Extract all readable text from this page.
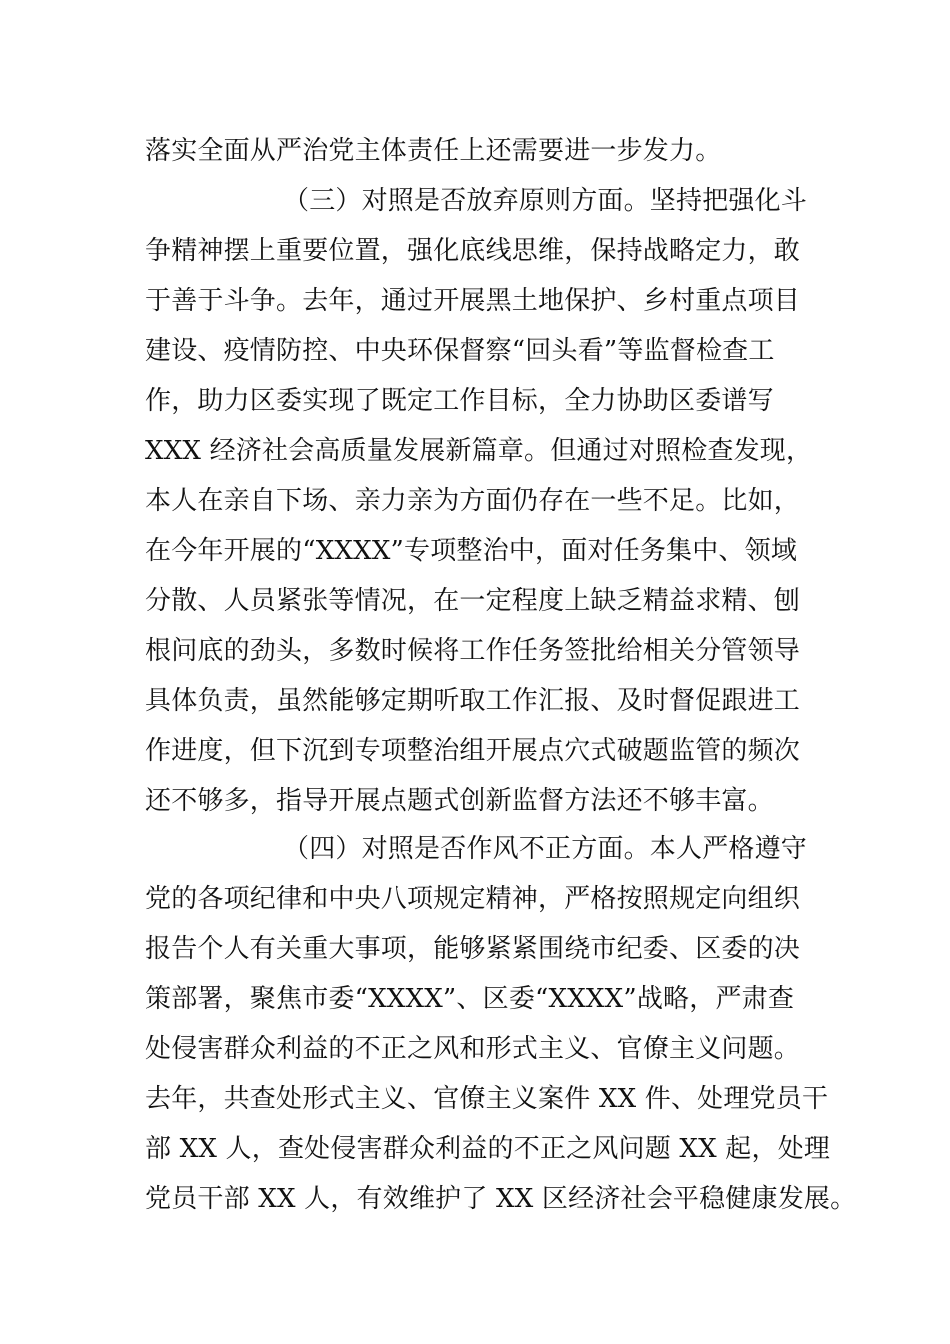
落实全面从严治党主体责任上还需要进一步发力。
（三）对照是否放弃原则方面。坚持把强化斗
争精神摆上重要位置，强化底线思维，保持战略定力，敢
于善于斗争。去年，通过开展黑土地保护、乡村重点项目
建设、疫情防控、中央环保督察“回头看”等监督检查工
作，助力区委实现了既定工作目标，全力协助区委谱写
XXX 经济社会高质量发展新篇章。但通过对照检查发现，
本人在亲自下场、亲力亲为方面仍存在一些不足。比如，
在今年开展的“XXXX”专项整治中，面对任务集中、领域
分散、人员紧张等情况，在一定程度上缺乏精益求精、刨
根问底的劲头，多数时候将工作任务签批给相关分管领导
具体负责，虽然能够定期听取工作汇报、及时督促跟进工
作进度，但下沉到专项整治组开展点穴式破题监管的频次
还不够多，指导开展点题式创新监督方法还不够丰富。
（四）对照是否作风不正方面。本人严格遵守
党的各项纪律和中央八项规定精神，严格按照规定向组织
报告个人有关重大事项，能够紧紧围绕市纪委、区委的决
策部署，聚焦市委“XXXX”、区委“XXXX”战略，严肃查
处侵害群众利益的不正之风和形式主义、官僚主义问题。
去年，共查处形式主义、官僚主义案件 XX 件、处理党员干
部 XX 人，查处侵害群众利益的不正之风问题 XX 起，处理
党员干部 XX 人，有效维护了 XX 区经济社会平稳健康发展。
